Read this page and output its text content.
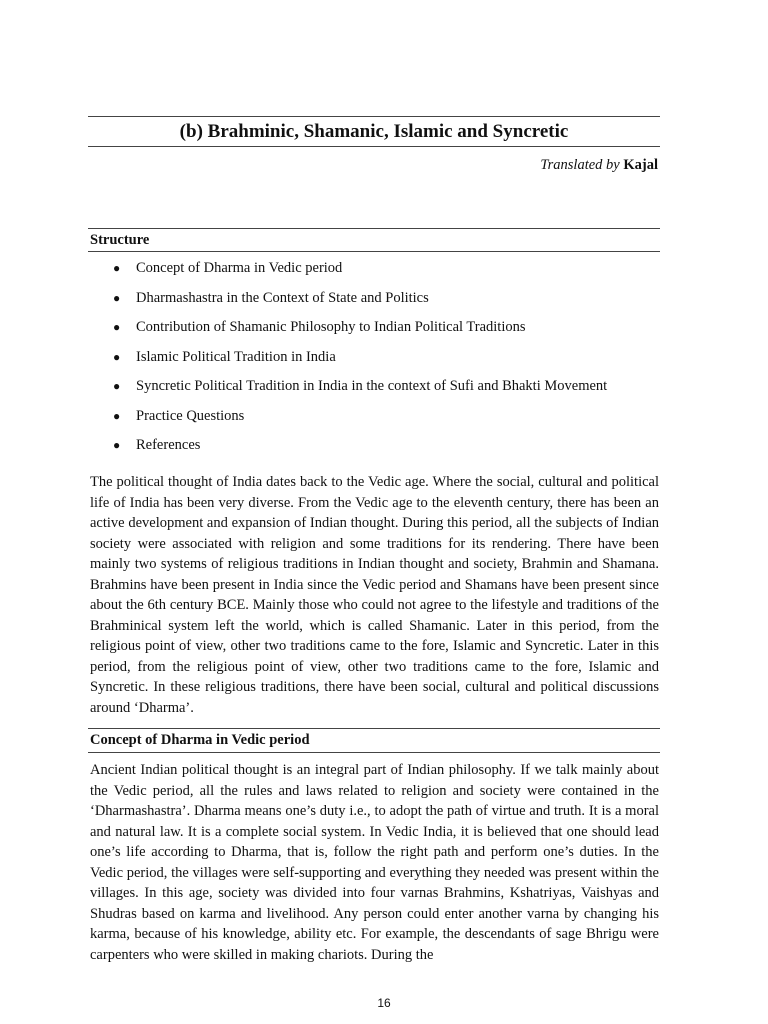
(b) Brahminic, Shamanic, Islamic and Syncretic
Translated by Kajal
Structure
● Concept of Dharma in Vedic period
● Dharmashastra in the Context of State and Politics
● Contribution of Shamanic Philosophy to Indian Political Traditions
● Islamic Political Tradition in India
● Syncretic Political Tradition in India in the context of Sufi and Bhakti Movement
● Practice Questions
● References

The political thought of India dates back to the Vedic age. Where the social, cultural and political life of India has been very diverse. From the Vedic age to the eleventh century, there has been an active development and expansion of Indian thought. During this period, all the subjects of Indian society were associated with religion and some traditions for its rendering. There have been mainly two systems of religious traditions in Indian thought and society, Brahmin and Shamana. Brahmins have been present in India since the Vedic period and Shamans have been present since about the 6th century BCE. Mainly those who could not agree to the lifestyle and traditions of the Brahminical system left the world, which is called Shamanic. Later in this period, from the religious point of view, other two traditions came to the fore, Islamic and Syncretic. Later in this period, from the religious point of view, other two traditions came to the fore, Islamic and Syncretic. In these religious traditions, there have been social, cultural and political discussions around ‘Dharma’.

Concept of Dharma in Vedic period

Ancient Indian political thought is an integral part of Indian philosophy. If we talk mainly about the Vedic period, all the rules and laws related to religion and society were contained in the ‘Dharmashastra’. Dharma means one’s duty i.e., to adopt the path of virtue and truth. It is a moral and natural law. It is a complete social system. In Vedic India, it is believed that one should lead one’s life according to Dharma, that is, follow the right path and perform one’s duties. In the Vedic period, the villages were self-supporting and everything they needed was present within the villages. In this age, society was divided into four varnas Brahmins, Kshatriyas, Vaishyas and Shudras based on karma and livelihood. Any person could enter another varna by changing his karma, because of his knowledge, ability etc. For example, the descendants of sage Bhrigu were carpenters who were skilled in making chariots. During the

16
